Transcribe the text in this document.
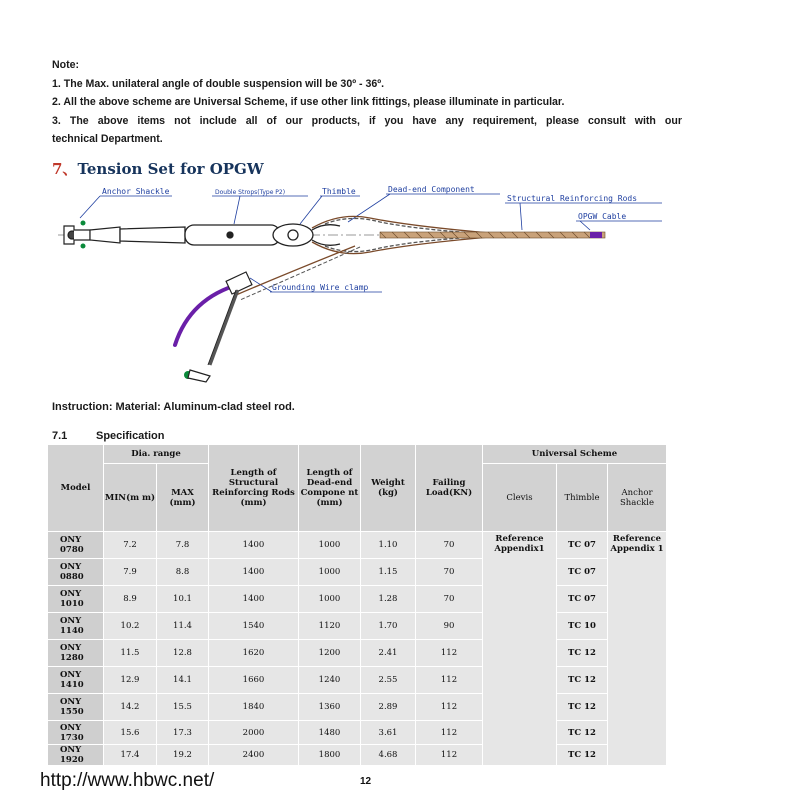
Note:
1. The Max. unilateral angle of double suspension will be 30º - 36º.
2. All the above scheme are Universal Scheme, if use other link fittings, please illuminate in particular.
3. The above items not include all of our products, if you have any requirement, please consult with our
technical Department.
7、Tension Set for OPGW
Anchor Shackle	Double Strops(Type P2)	Thimble	Dead-end Component
Structural Reinforcing Rods
OPGW Cable
Grounding Wire clamp
Instruction: Material: Aluminum-clad steel rod.
7.1	Specification
Model	Dia. range		Length of Structural Reinforcing Rods (mm)	Length of Dead-end Compone nt (mm)	Weight (kg)	Failing Load(KN)	Universal Scheme		
	MIN(m m)	MAX (mm)					Clevis	Thimble	Anchor Shackle
ONY 0780	7.2	7.8	1400	1000	1.10	70	Reference Appendix1	TC 07	Reference Appendix 1
ONY 0880	7.9	8.8	1400	1000	1.15	70		TC 07	
ONY 1010	8.9	10.1	1400	1000	1.28	70		TC 07	
ONY 1140	10.2	11.4	1540	1120	1.70	90		TC 10	
ONY 1280	11.5	12.8	1620	1200	2.41	112		TC 12	
ONY 1410	12.9	14.1	1660	1240	2.55	112		TC 12	
ONY 1550	14.2	15.5	1840	1360	2.89	112		TC 12	
ONY 1730	15.6	17.3	2000	1480	3.61	112		TC 12	
ONY 1920	17.4	19.2	2400	1800	4.68	112		TC 12	
http://www.hbwc.net/	12
